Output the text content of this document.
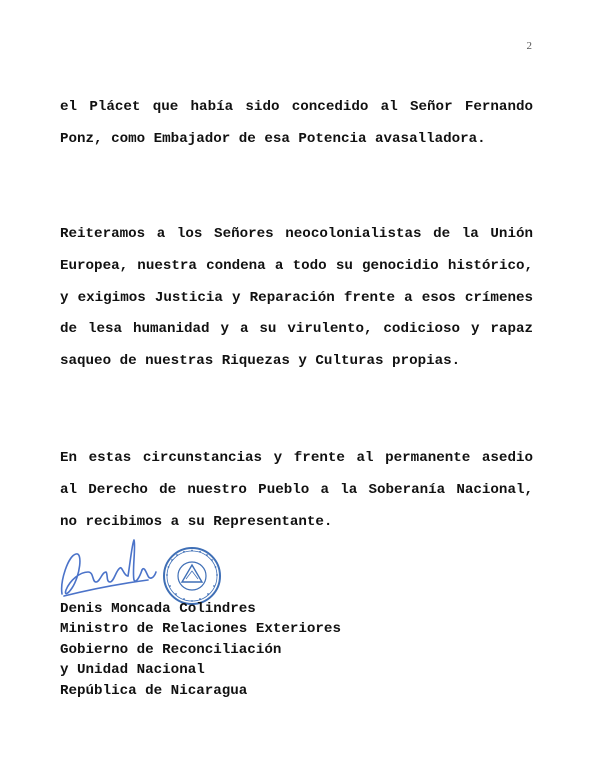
2

el Plácet que había sido concedido al Señor Fernando Ponz, como Embajador de esa Potencia avasalladora.

Reiteramos a los Señores neocolonialistas de la Unión Europea, nuestra condena a todo su genocidio histórico, y exigimos Justicia y Reparación frente a esos crímenes de lesa humanidad y a su virulento, codicioso y rapaz saqueo de nuestras Riquezas y Culturas propias.

En estas circunstancias y frente al permanente asedio al Derecho de nuestro Pueblo a la Soberanía Nacional, no recibimos a su Representante.

Denis Moncada Colindres
Ministro de Relaciones Exteriores
Gobierno de Reconciliación
y Unidad Nacional
República de Nicaragua
